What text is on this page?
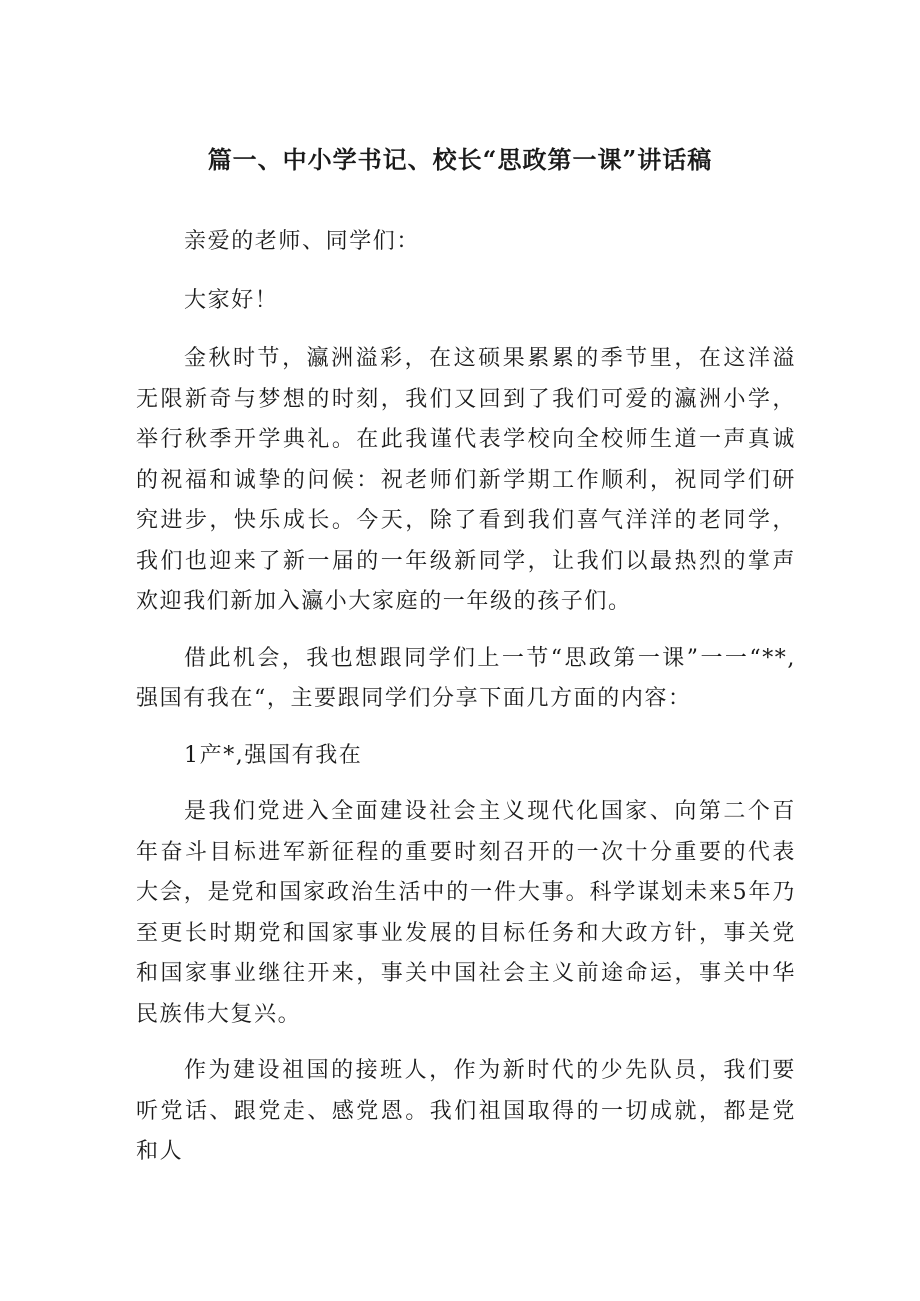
篇一、中小学书记、校长“思政第一课”讲话稿

亲爱的老师、同学们：

大家好！

金秋时节，瀛洲溢彩，在这硕果累累的季节里，在这洋溢无限新奇与梦想的时刻，我们又回到了我们可爱的瀛洲小学，举行秋季开学典礼。在此我谨代表学校向全校师生道一声真诚的祝福和诚挚的问候：祝老师们新学期工作顺利，祝同学们研究进步，快乐成长。今天，除了看到我们喜气洋洋的老同学，我们也迎来了新一届的一年级新同学，让我们以最热烈的掌声欢迎我们新加入瀛小大家庭的一年级的孩子们。

借此机会，我也想跟同学们上一节“思政第一课”一一“**,强国有我在“，主要跟同学们分享下面几方面的内容：

1产*,强国有我在

是我们党进入全面建设社会主义现代化国家、向第二个百年奋斗目标进军新征程的重要时刻召开的一次十分重要的代表大会，是党和国家政治生活中的一件大事。科学谋划未来5年乃至更长时期党和国家事业发展的目标任务和大政方针，事关党和国家事业继往开来，事关中国社会主义前途命运，事关中华民族伟大复兴。

作为建设祖国的接班人，作为新时代的少先队员，我们要听党话、跟党走、感党恩。我们祖国取得的一切成就，都是党和人
